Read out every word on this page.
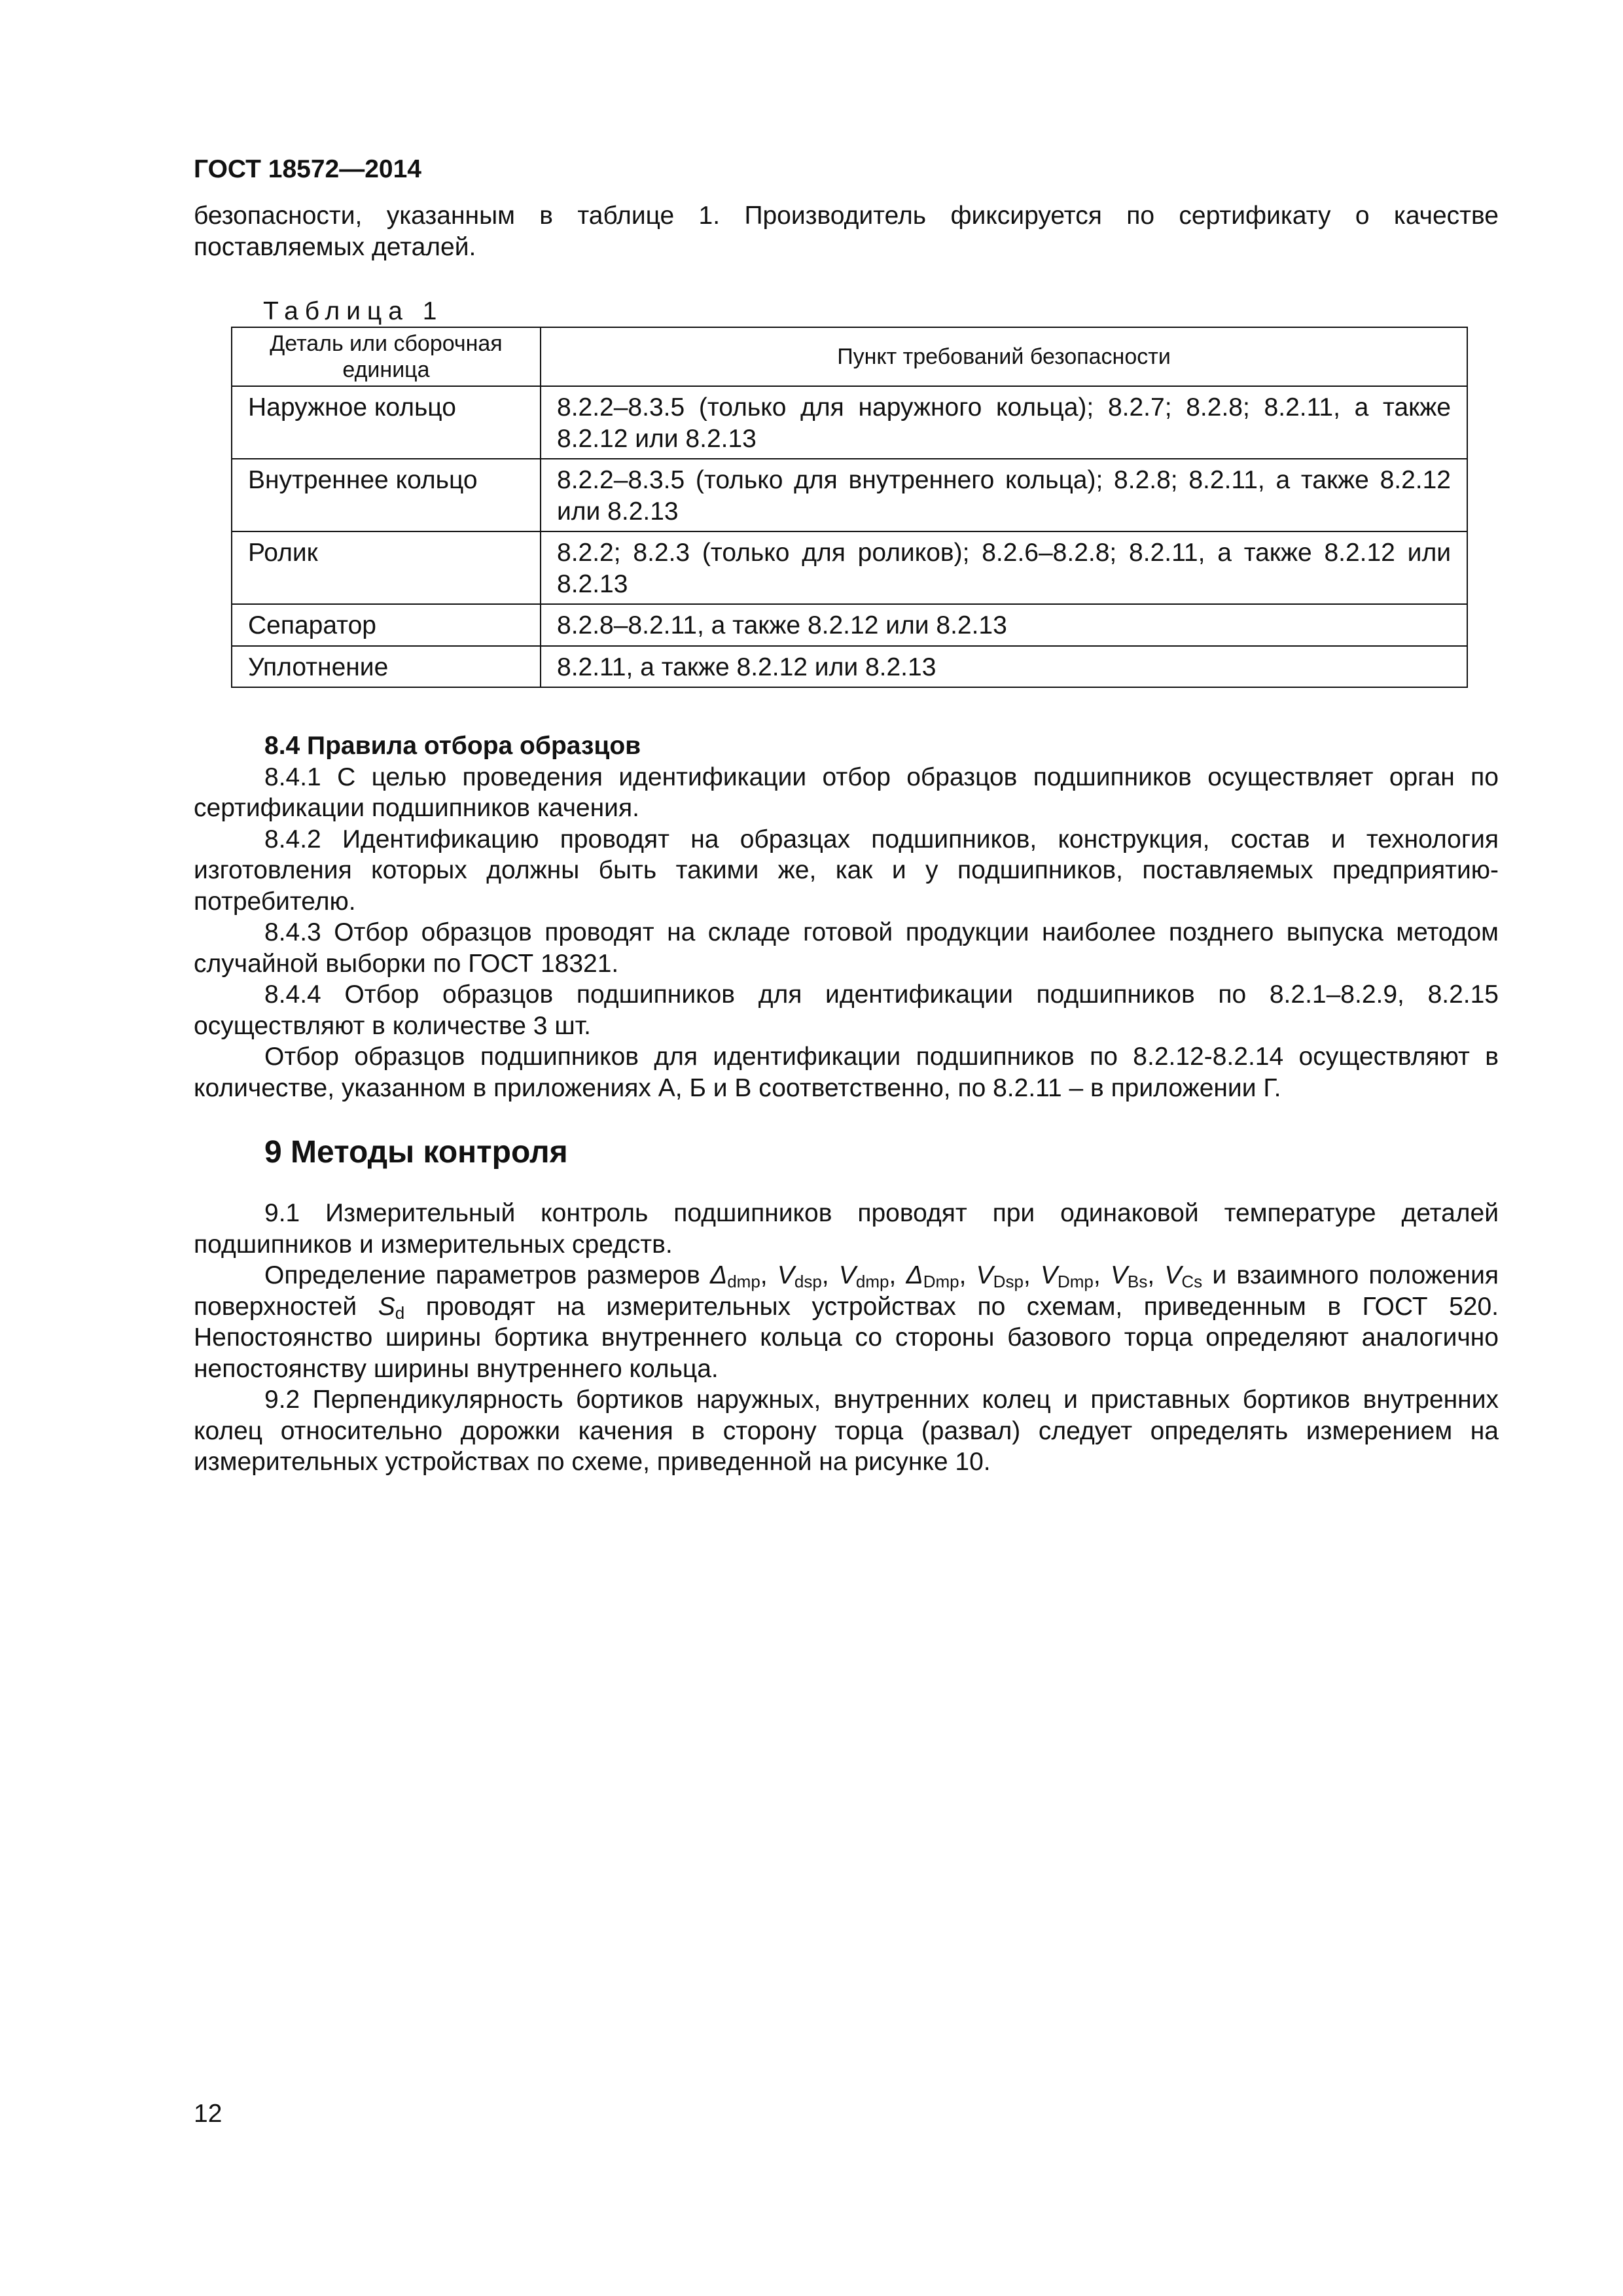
ГОСТ 18572—2014

безопасности, указанным в таблице 1. Производитель фиксируется по сертификату о качестве поставляемых деталей.

Таблица 1
Деталь или сборочная единица	Пункт требований безопасности
Наружное кольцо	8.2.2–8.3.5 (только для наружного кольца); 8.2.7; 8.2.8; 8.2.11, а также 8.2.12 или 8.2.13
Внутреннее кольцо	8.2.2–8.3.5 (только для внутреннего кольца); 8.2.8; 8.2.11, а также 8.2.12 или 8.2.13
Ролик	8.2.2; 8.2.3 (только для роликов); 8.2.6–8.2.8; 8.2.11, а также 8.2.12 или 8.2.13
Сепаратор	8.2.8–8.2.11, а также 8.2.12 или 8.2.13
Уплотнение	8.2.11, а также 8.2.12 или 8.2.13

8.4 Правила отбора образцов

8.4.1 С целью проведения идентификации отбор образцов подшипников осуществляет орган по сертификации подшипников качения.

8.4.2 Идентификацию проводят на образцах подшипников, конструкция, состав и технология изготовления которых должны быть такими же, как и у подшипников, поставляемых предприятию-потребителю.

8.4.3 Отбор образцов проводят на складе готовой продукции наиболее позднего выпуска методом случайной выборки по ГОСТ 18321.

8.4.4 Отбор образцов подшипников для идентификации подшипников по 8.2.1–8.2.9, 8.2.15 осуществляют в количестве 3 шт.

Отбор образцов подшипников для идентификации подшипников по 8.2.12-8.2.14 осуществляют в количестве, указанном в приложениях А, Б и В соответственно, по 8.2.11 – в приложении Г.

9 Методы контроля

9.1 Измерительный контроль подшипников проводят при одинаковой температуре деталей подшипников и измерительных средств.

Определение параметров размеров $\Delta_{dmp}$, $V_{dsp}$, $V_{dmp}$, $\Delta_{Dmp}$, $V_{Dsp}$, $V_{Dmp}$, $V_{Bs}$, $V_{Cs}$ и взаимного положения поверхностей $S_d$ проводят на измерительных устройствах по схемам, приведенным в ГОСТ 520. Непостоянство ширины бортика внутреннего кольца со стороны базового торца определяют аналогично непостоянству ширины внутреннего кольца.

9.2 Перпендикулярность бортиков наружных, внутренних колец и приставных бортиков внутренних колец относительно дорожки качения в сторону торца (развал) следует определять измерением на измерительных устройствах по схеме, приведенной на рисунке 10.

12
